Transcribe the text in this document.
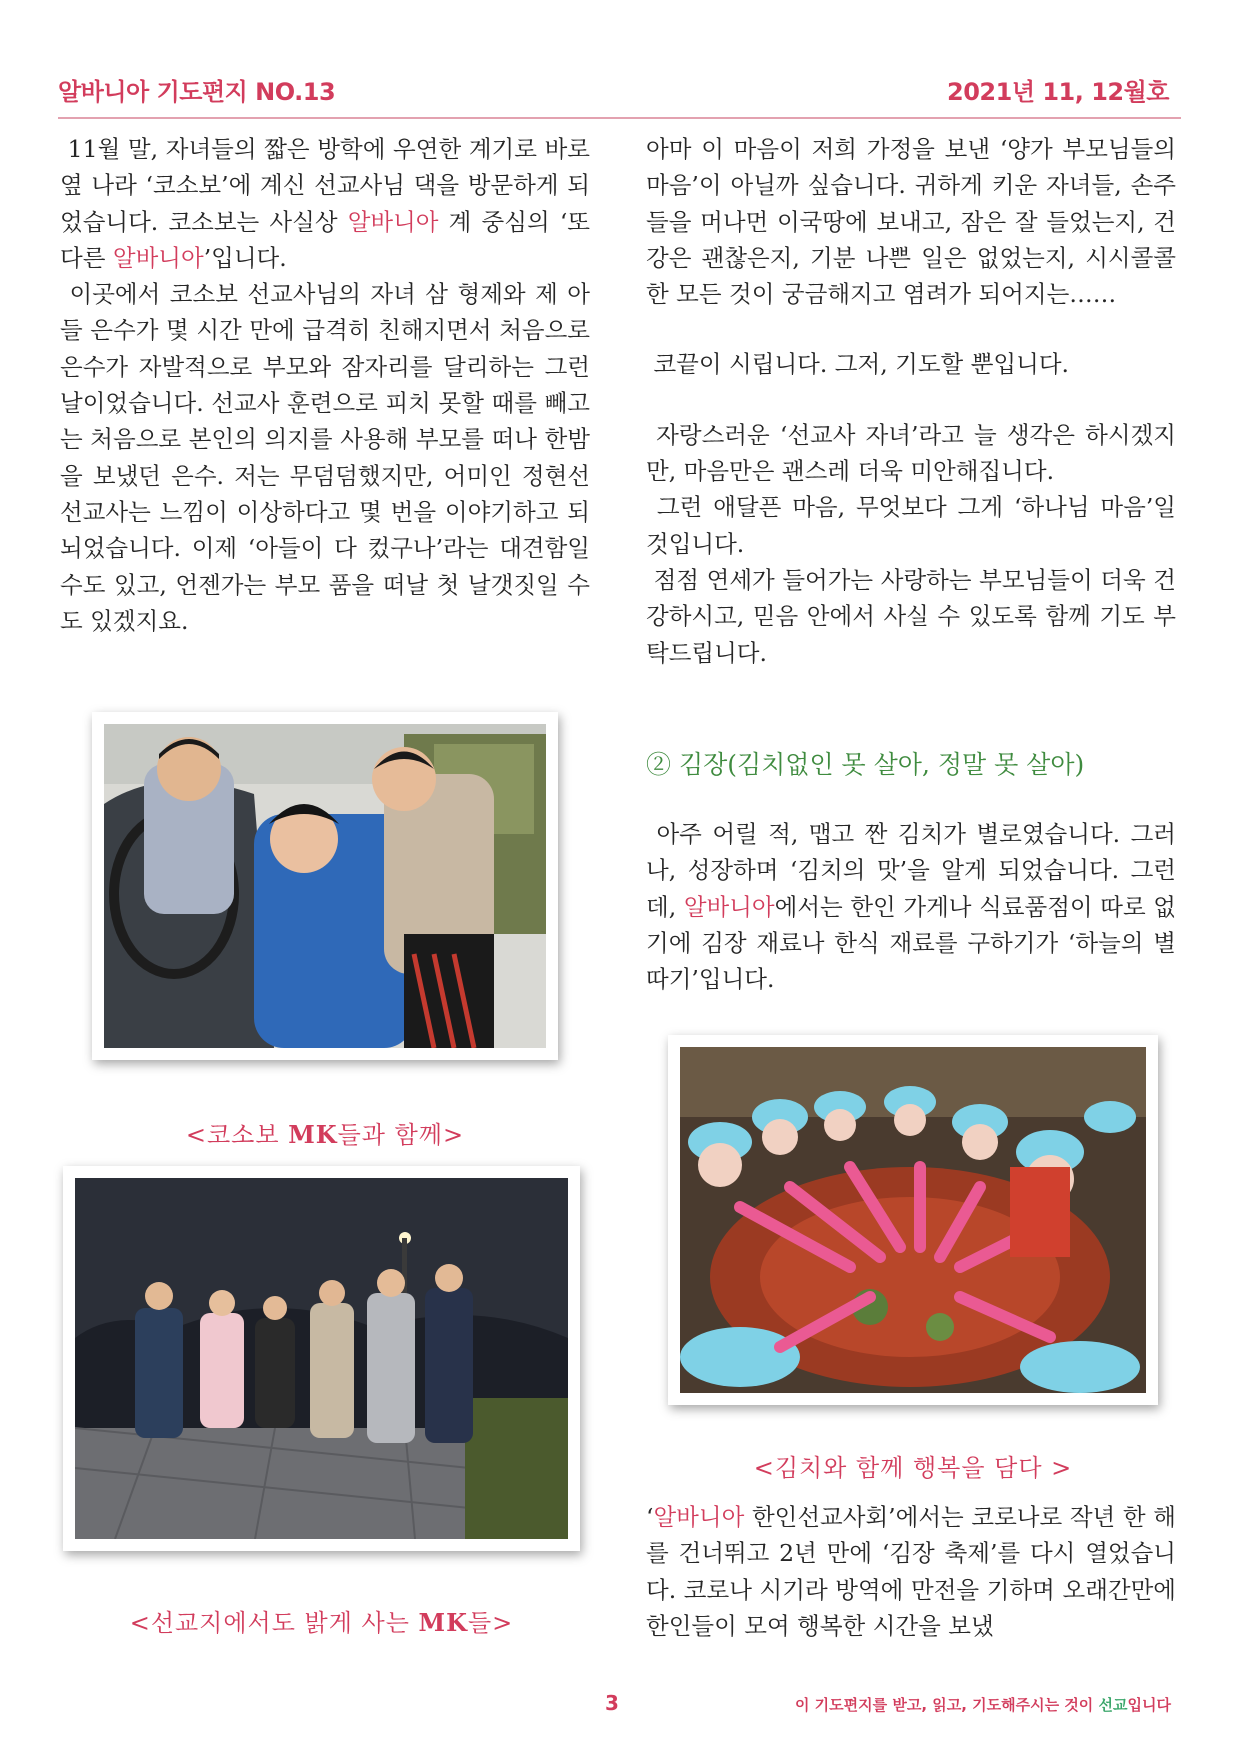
알바니아 기도편지 NO.13	2021년 11, 12월호

11월 말, 자녀들의 짧은 방학에 우연한 계기로 바로 옆 나라 ‘코소보’에 계신 선교사님 댁을 방문하게 되었습니다. 코소보는 사실상 알바니아 계 중심의 ‘또 다른 알바니아’입니다.

이곳에서 코소보 선교사님의 자녀 삼 형제와 제 아들 은수가 몇 시간 만에 급격히 친해지면서 처음으로 은수가 자발적으로 부모와 잠자리를 달리하는 그런 날이었습니다. 선교사 훈련으로 피치 못할 때를 빼고는 처음으로 본인의 의지를 사용해 부모를 떠나 한밤을 보냈던 은수. 저는 무덤덤했지만, 어미인 정현선 선교사는 느낌이 이상하다고 몇 번을 이야기하고 되뇌었습니다. 이제 ‘아들이 다 컸구나’라는 대견함일 수도 있고, 언젠가는 부모 품을 떠날 첫 날갯짓일 수도 있겠지요.

아마 이 마음이 저희 가정을 보낸 ‘양가 부모님들의 마음’이 아닐까 싶습니다. 귀하게 키운 자녀들, 손주들을 머나먼 이국땅에 보내고, 잠은 잘 들었는지, 건강은 괜찮은지, 기분 나쁜 일은 없었는지, 시시콜콜한 모든 것이 궁금해지고 염려가 되어지는……

코끝이 시립니다. 그저, 기도할 뿐입니다.

자랑스러운 ‘선교사 자녀’라고 늘 생각은 하시겠지만, 마음만은 괜스레 더욱 미안해집니다.

그런 애달픈 마음, 무엇보다 그게 ‘하나님 마음’일 것입니다.

점점 연세가 들어가는 사랑하는 부모님들이 더욱 건강하시고, 믿음 안에서 사실 수 있도록 함께 기도 부탁드립니다.

② 김장(김치없인 못 살아, 정말 못 살아)

아주 어릴 적, 맵고 짠 김치가 별로였습니다. 그러나, 성장하며 ‘김치의 맛’을 알게 되었습니다. 그런데, 알바니아에서는 한인 가게나 식료품점이 따로 없기에 김장 재료나 한식 재료를 구하기가 ‘하늘의 별따기’입니다.

‘알바니아 한인선교사회’에서는 코로나로 작년 한 해를 건너뛰고 2년 만에 ‘김장 축제’를 다시 열었습니다. 코로나 시기라 방역에 만전을 기하며 오래간만에 한인들이 모여 행복한 시간을 보냈

<코소보 MK들과 함께>
<선교지에서도 밝게 사는 MK들>
<김치와 함께 행복을 담다 >
3	이 기도편지를 받고, 읽고, 기도해주시는 것이 선교입니다
